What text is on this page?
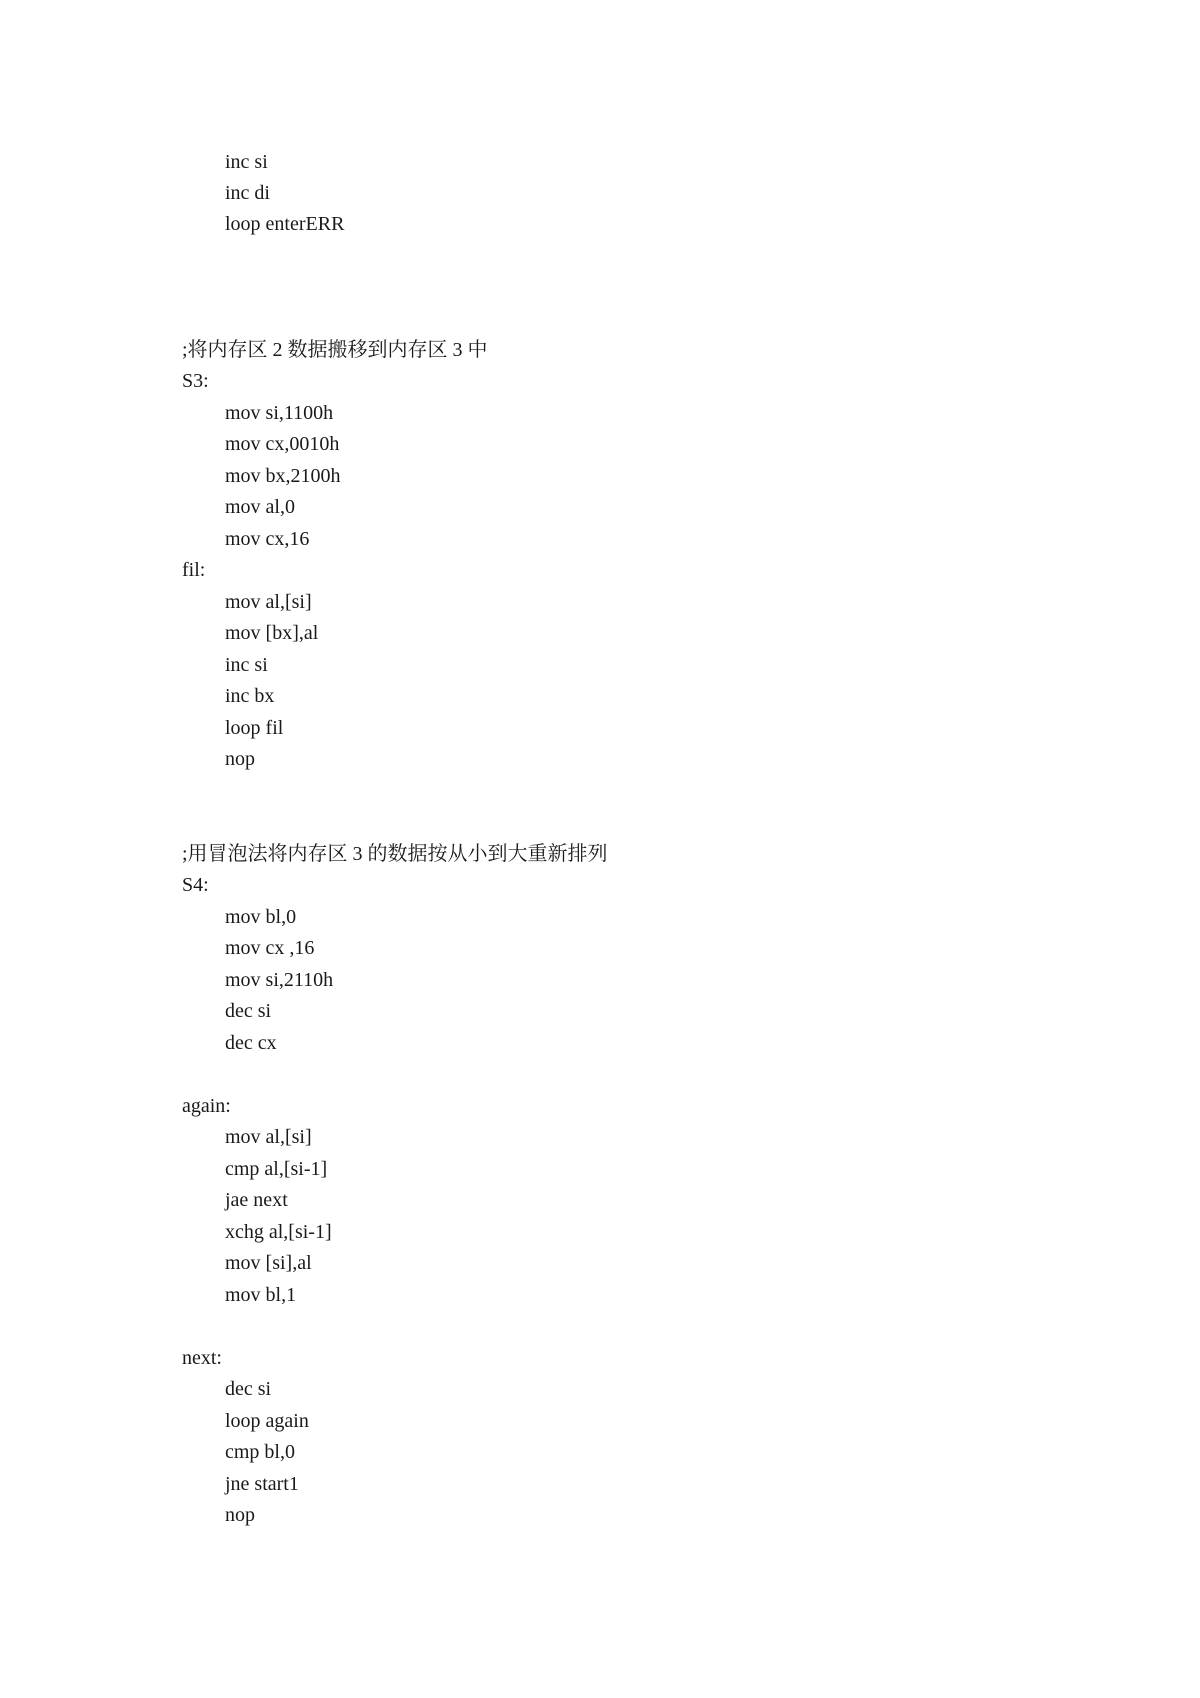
inc si
inc di
loop enterERR
;将内存区 2 数据搬移到内存区 3 中
S3:
mov si,1100h
mov cx,0010h
mov bx,2100h
mov al,0
mov cx,16
fil:
mov al,[si]
mov [bx],al
inc si
inc bx
loop fil
nop
;用冒泡法将内存区 3 的数据按从小到大重新排列
S4:
mov bl,0
mov cx ,16
mov si,2110h
dec si
dec cx
again:
mov al,[si]
cmp al,[si-1]
jae next
xchg al,[si-1]
mov [si],al
mov bl,1
next:
dec si
loop again
cmp bl,0
jne start1
nop
